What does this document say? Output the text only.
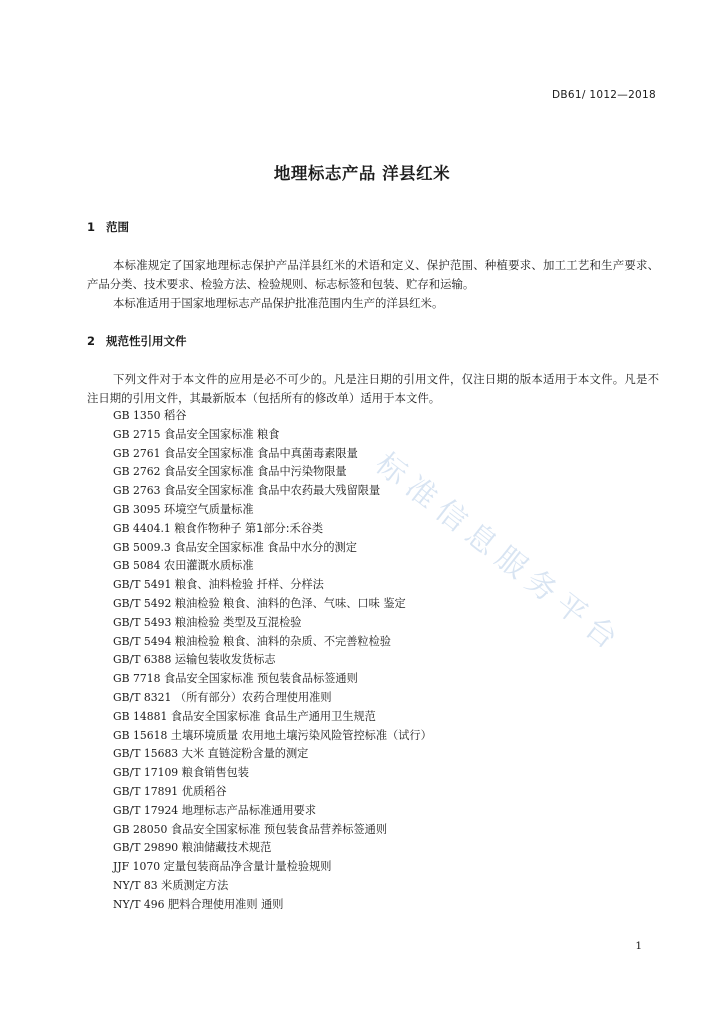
DB61/ 1012—2018
地理标志产品 洋县红米
1 范围
本标准规定了国家地理标志保护产品洋县红米的术语和定义、保护范围、种植要求、加工工艺和生产要求、产品分类、技术要求、检验方法、检验规则、标志标签和包装、贮存和运输。
本标准适用于国家地理标志产品保护批准范围内生产的洋县红米。
2 规范性引用文件
下列文件对于本文件的应用是必不可少的。凡是注日期的引用文件，仅注日期的版本适用于本文件。凡是不注日期的引用文件，其最新版本（包括所有的修改单）适用于本文件。
GB 1350 稻谷
GB 2715 食品安全国家标准 粮食
GB 2761 食品安全国家标准 食品中真菌毒素限量
GB 2762 食品安全国家标准 食品中污染物限量
GB 2763 食品安全国家标准 食品中农药最大残留限量
GB 3095 环境空气质量标准
GB 4404.1 粮食作物种子 第1部分:禾谷类
GB 5009.3 食品安全国家标准 食品中水分的测定
GB 5084 农田灌溉水质标准
GB/T 5491 粮食、油料检验 扦样、分样法
GB/T 5492 粮油检验 粮食、油料的色泽、气味、口味 鉴定
GB/T 5493 粮油检验 类型及互混检验
GB/T 5494 粮油检验 粮食、油料的杂质、不完善粒检验
GB/T 6388 运输包装收发货标志
GB 7718 食品安全国家标准 预包装食品标签通则
GB/T 8321 （所有部分）农药合理使用准则
GB 14881 食品安全国家标准 食品生产通用卫生规范
GB 15618 土壤环境质量 农用地土壤污染风险管控标准（试行）
GB/T 15683 大米 直链淀粉含量的测定
GB/T 17109 粮食销售包装
GB/T 17891 优质稻谷
GB/T 17924 地理标志产品标准通用要求
GB 28050 食品安全国家标准 预包装食品营养标签通则
GB/T 29890 粮油储藏技术规范
JJF 1070 定量包装商品净含量计量检验规则
NY/T 83 米质测定方法
NY/T 496 肥料合理使用准则 通则
标准信息服务平台
1
